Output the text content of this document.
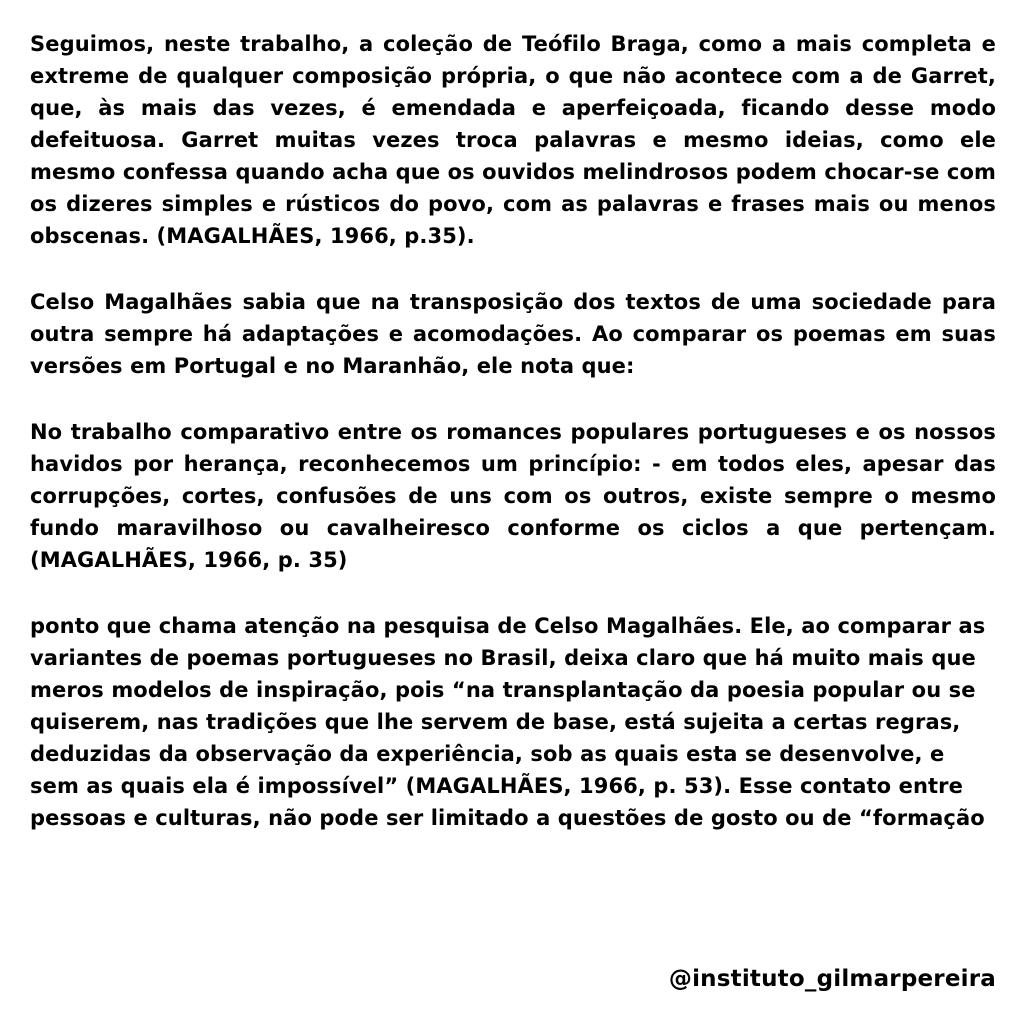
Seguimos, neste trabalho, a coleção de Teófilo Braga, como a mais completa e extreme de qualquer composição própria, o que não acontece com a de Garret, que, às mais das vezes, é emendada e aperfeiçoada, ficando desse modo defeituosa. Garret muitas vezes troca palavras e mesmo ideias, como ele mesmo confessa quando acha que os ouvidos melindrosos podem chocar-se com os dizeres simples e rústicos do povo, com as palavras e frases mais ou menos obscenas. (MAGALHÃES, 1966, p.35).

Celso Magalhães sabia que na transposição dos textos de uma sociedade para outra sempre há adaptações e acomodações. Ao comparar os poemas em suas versões em Portugal e no Maranhão, ele nota que:

No trabalho comparativo entre os romances populares portugueses e os nossos havidos por herança, reconhecemos um princípio: - em todos eles, apesar das corrupções, cortes, confusões de uns com os outros, existe sempre o mesmo fundo maravilhoso ou cavalheiresco conforme os ciclos a que pertençam. (MAGALHÃES, 1966, p. 35)

ponto que chama atenção na pesquisa de Celso Magalhães. Ele, ao comparar as variantes de poemas portugueses no Brasil, deixa claro que há muito mais que meros modelos de inspiração, pois “na transplantação da poesia popular ou se quiserem, nas tradições que lhe servem de base, está sujeita a certas regras, deduzidas da observação da experiência, sob as quais esta se desenvolve, e sem as quais ela é impossível” (MAGALHÃES, 1966, p. 53). Esse contato entre pessoas e culturas, não pode ser limitado a questões de gosto ou de “formação

@instituto_gilmarpereira
